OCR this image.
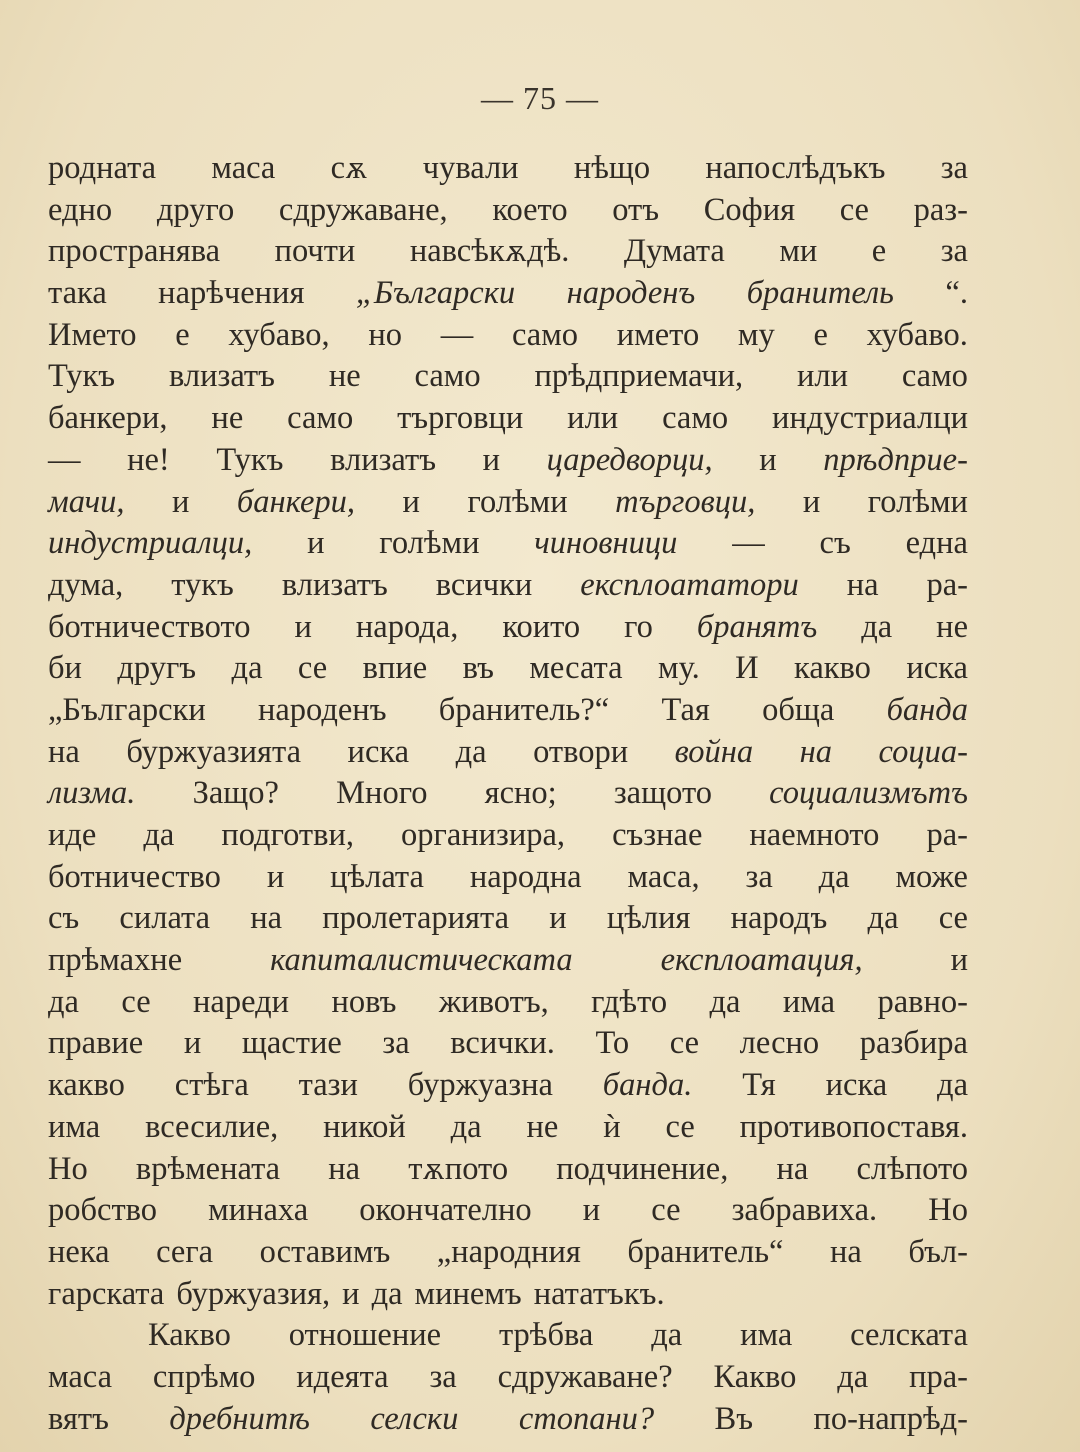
— 75 —
родната маса сѫ чували нѣщо напослѣдъкъ за
едно друго сдружаване, което отъ София се раз-
пространява почти навсѣкѫдѣ. Думата ми е за
така нарѣчения „Български народенъ бранитель “.
Името е хубаво, но — само името му е хубаво.
Тукъ влизатъ не само прѣдприемачи, или само
банкери, не само търговци или само индустриалци
— не! Тукъ влизатъ и царедворци, и прѣдприе-
мачи, и банкери, и голѣми търговци, и голѣми
индустриалци, и голѣми чиновници — съ една
дума, тукъ влизатъ всички експлоататори на ра-
ботничеството и народа, които го бранятъ да не
би другъ да се впие въ месата му. И какво иска
„Български народенъ бранитель?“ Тая обща банда
на буржуазията иска да отвори война на социа-
лизма. Защо? Много ясно; защото социализмътъ
иде да подготви, организира, съзнае наемното ра-
ботничество и цѣлата народна маса, за да може
съ силата на пролетарията и цѣлия народъ да се
прѣмахне	капиталистическата	експлоатация,	и
да се нареди новъ животъ, гдѣто да има равно-
правие и щастие за всички. То се лесно разбира
какво стѣга тази буржуазна банда. Тя иска да
има всесилие, никой да не ѝ се противопоставя.
Но врѣмената на тѫпото подчинение, на слѣпото
робство минаха окончателно и се забравиха. Но
нека сега оставимъ „народния бранитель“ на бъл-
гарската буржуазия, и да минемъ нататъкъ.
Какво отношение трѣбва да има селската
маса спрѣмо идеята за сдружаване? Какво да пра-
вятъ дребнитѣ селски стопани? Въ по-напрѣд-
